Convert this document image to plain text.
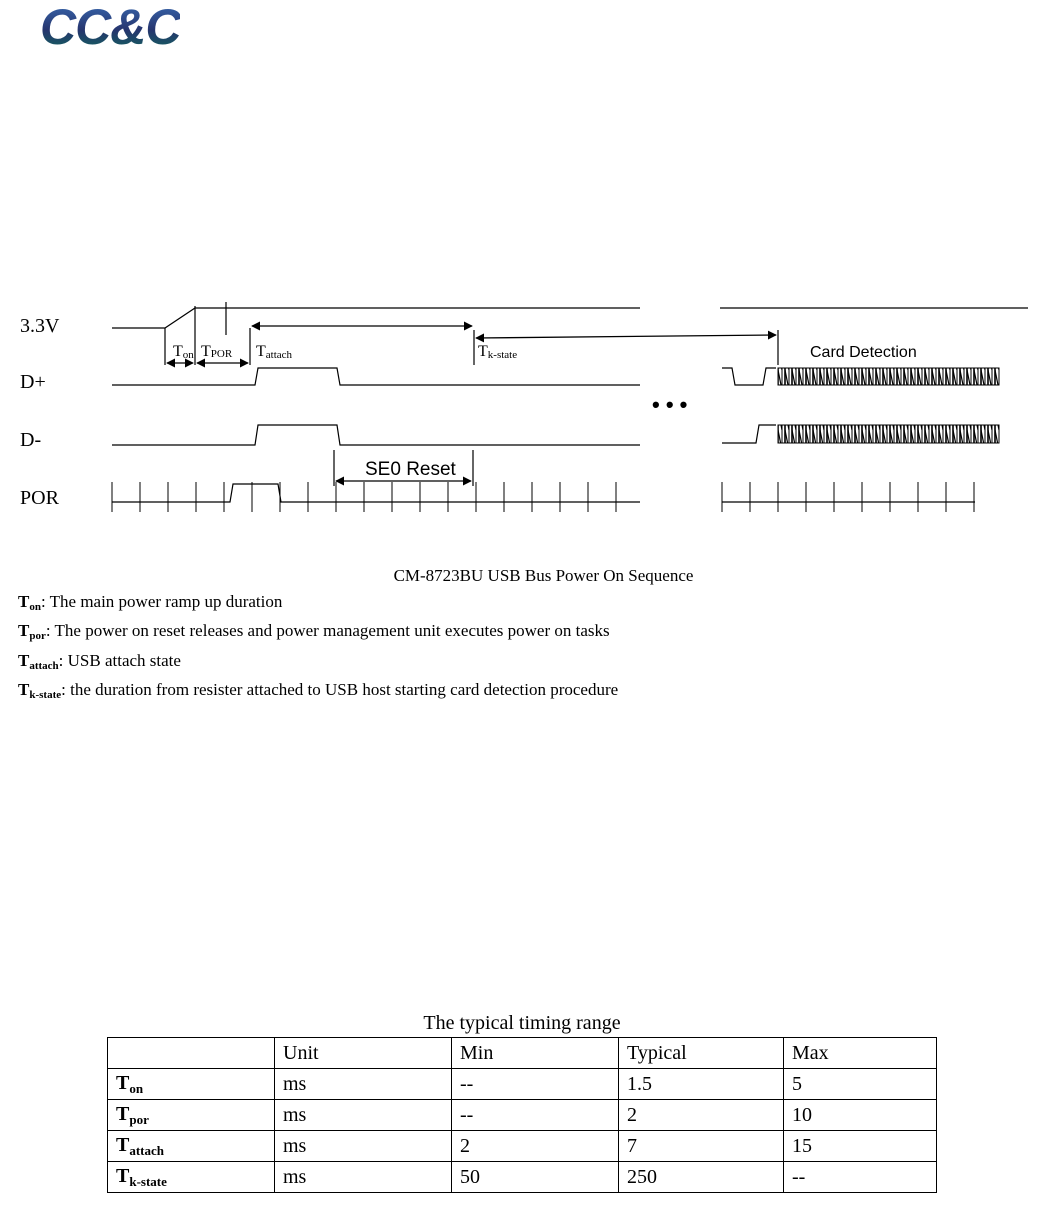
CC&C
3.3V
D+
D-
POR
Ton TPOR Tattach	Tk-state	Card Detection
SE0 Reset
• • •
CM-8723BU USB Bus Power On Sequence
$T_{on}$: The main power ramp up duration
$T_{por}$: The power on reset releases and power management unit executes power on tasks
$T_{attach}$: USB attach state
$T_{k-state}$: the duration from resister attached to USB host starting card detection procedure
The typical timing range
	Unit	Min	Typical	Max
$T_{on}$	ms	--	1.5	5
$T_{por}$	ms	--	2	10
$T_{attach}$	ms	2	7	15
$T_{k-state}$	ms	50	250	--
